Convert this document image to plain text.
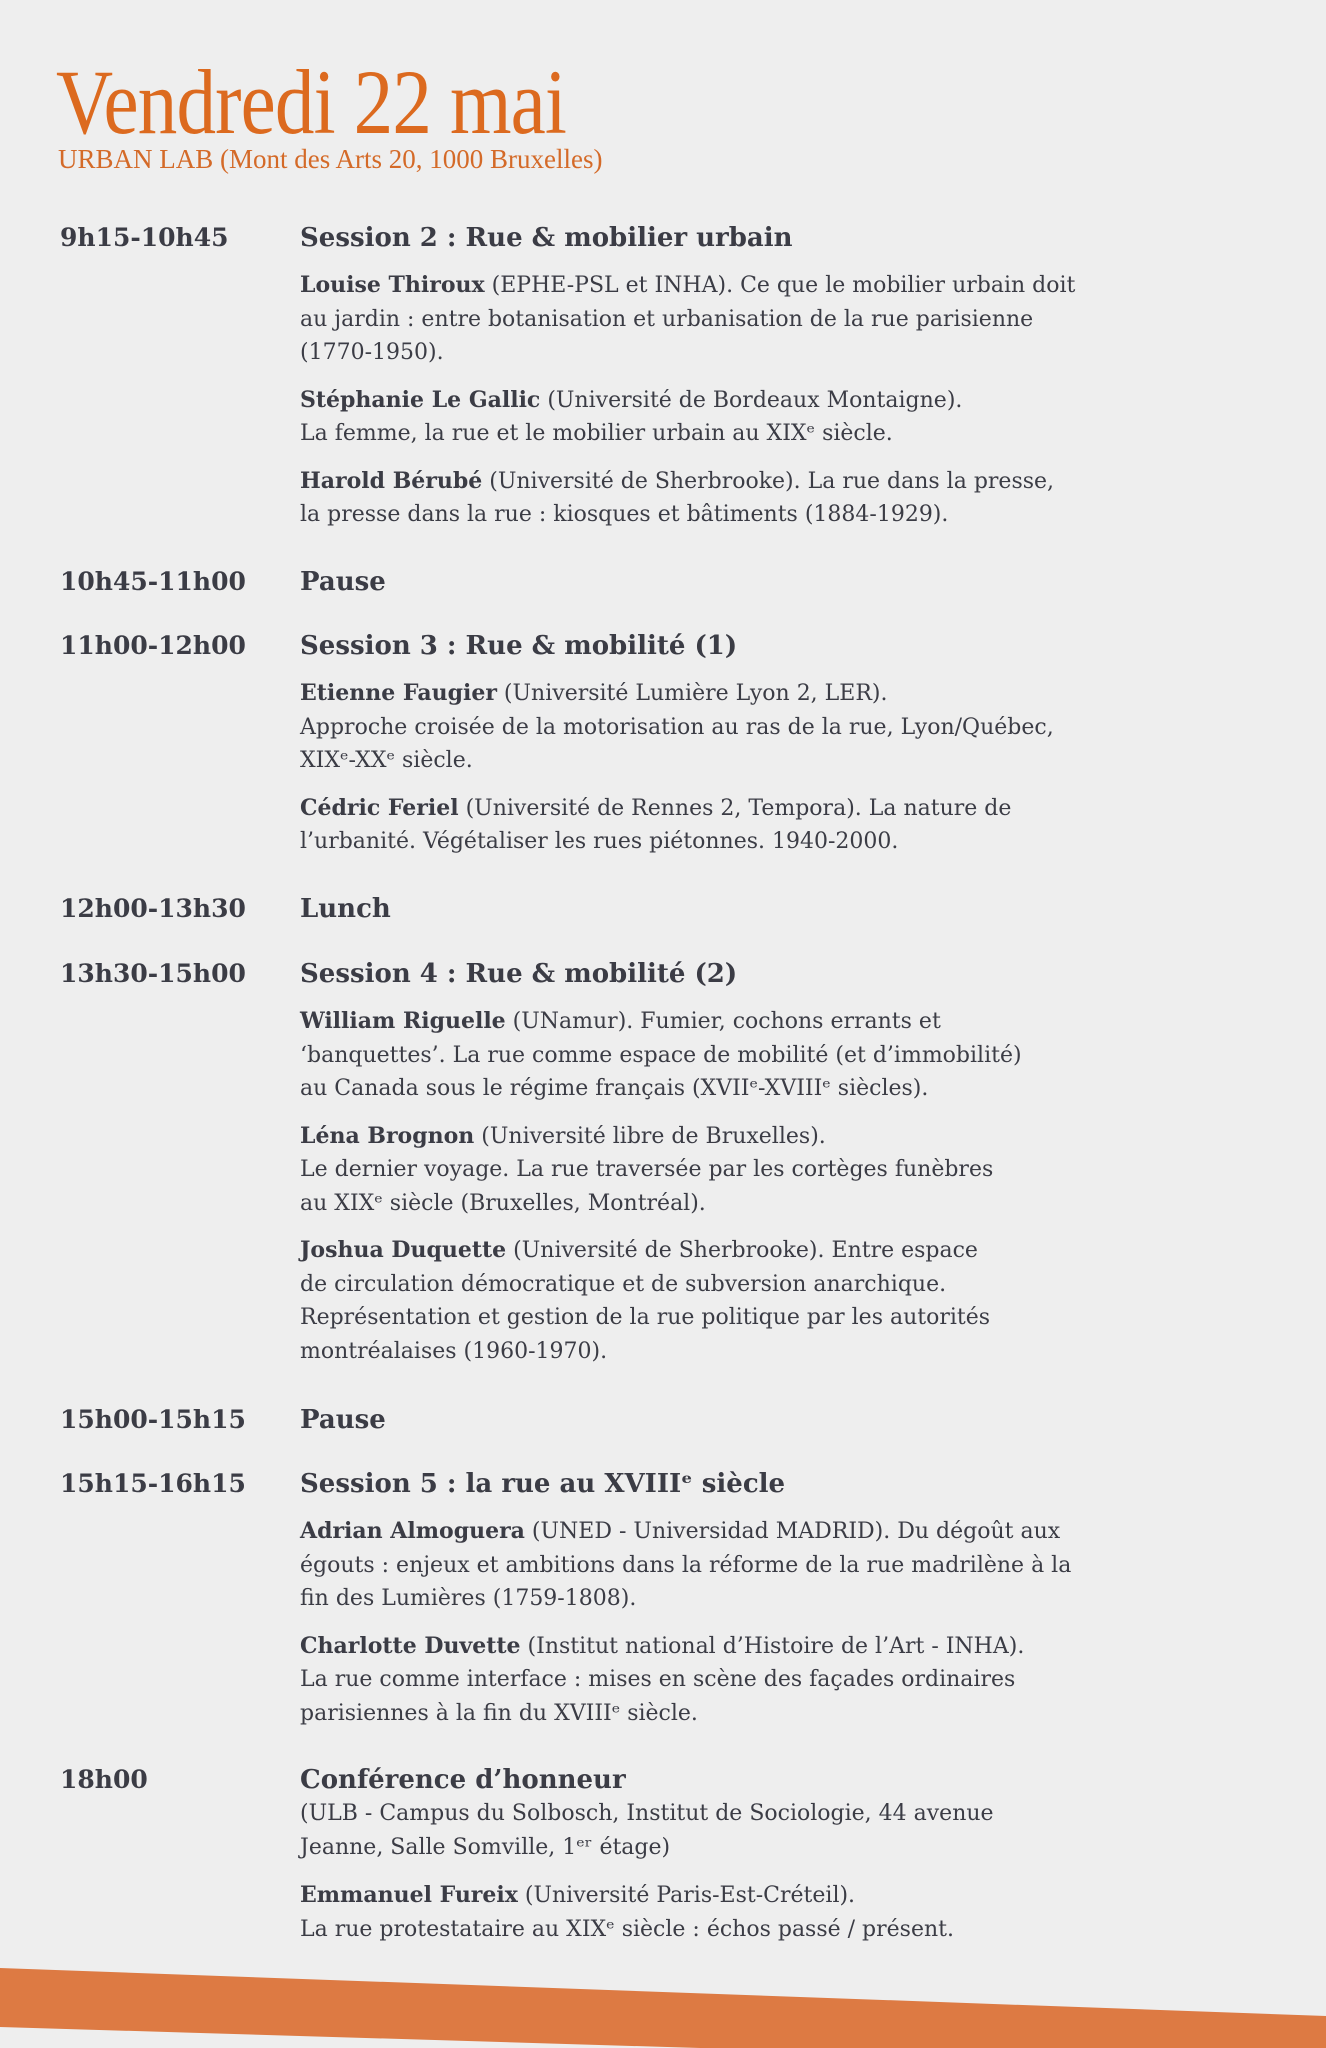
Vendredi 22 mai
URBAN LAB (Mont des Arts 20, 1000 Bruxelles)
9h15-10h45	Session 2 : Rue & mobilier urbain
Louise Thiroux (EPHE-PSL et INHA). Ce que le mobilier urbain doit
au jardin : entre botanisation et urbanisation de la rue parisienne
(1770-1950).
Stéphanie Le Gallic (Université de Bordeaux Montaigne).
La femme, la rue et le mobilier urbain au XIXᵉ siècle.
Harold Bérubé (Université de Sherbrooke). La rue dans la presse,
la presse dans la rue : kiosques et bâtiments (1884-1929).
10h45-11h00 Pause
11h00-12h00 Session 3 : Rue & mobilité (1)
Etienne Faugier (Université Lumière Lyon 2, LER).
Approche croisée de la motorisation au ras de la rue, Lyon/Québec,
XIXᵉ-XXᵉ siècle.
Cédric Feriel (Université de Rennes 2, Tempora). La nature de
l’urbanité. Végétaliser les rues piétonnes. 1940-2000.
12h00-13h30 Lunch
13h30-15h00 Session 4 : Rue & mobilité (2)
William Riguelle (UNamur). Fumier, cochons errants et
‘banquettes’. La rue comme espace de mobilité (et d’immobilité)
au Canada sous le régime français (XVIIᵉ-XVIIIᵉ siècles).
Léna Brognon (Université libre de Bruxelles).
Le dernier voyage. La rue traversée par les cortèges funèbres
au XIXᵉ siècle (Bruxelles, Montréal).
Joshua Duquette (Université de Sherbrooke). Entre espace
de circulation démocratique et de subversion anarchique.
Représentation et gestion de la rue politique par les autorités
montréalaises (1960-1970).
15h00-15h15 Pause
15h15-16h15 Session 5 : la rue au XVIIIᵉ siècle
Adrian Almoguera (UNED - Universidad MADRID). Du dégoût aux
égouts : enjeux et ambitions dans la réforme de la rue madrilène à la
fin des Lumières (1759-1808).
Charlotte Duvette (Institut national d’Histoire de l’Art - INHA).
La rue comme interface : mises en scène des façades ordinaires
parisiennes à la fin du XVIIIᵉ siècle.
18h00	Conférence d’honneur
(ULB - Campus du Solbosch, Institut de Sociologie, 44 avenue
Jeanne, Salle Somville, 1ᵉʳ étage)
Emmanuel Fureix (Université Paris-Est-Créteil).
La rue protestataire au XIXᵉ siècle : échos passé / présent.
